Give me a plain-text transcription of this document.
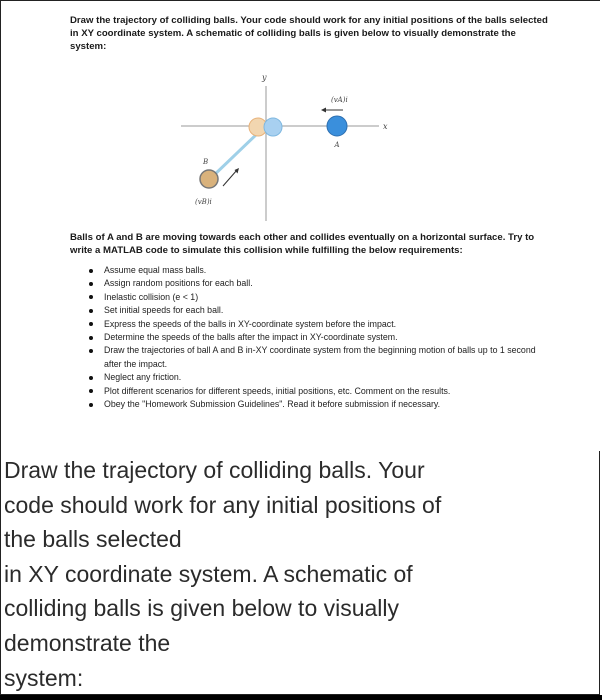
Draw the trajectory of colliding balls. Your code should work for any initial positions of the balls selected in XY coordinate system. A schematic of colliding balls is given below to visually demonstrate the system:
y
x
A
(vA)i
B
(vB)i
Balls of A and B are moving towards each other and collides eventually on a horizontal surface. Try to write a MATLAB code to simulate this collision while fulfilling the below requirements:
Assume equal mass balls.
Assign random positions for each ball.
Inelastic collision (e < 1)
Set initial speeds for each ball.
Express the speeds of the balls in XY-coordinate system before the impact.
Determine the speeds of the balls after the impact in XY-coordinate system.
Draw the trajectories of ball A and B in-XY coordinate system from the beginning motion of balls up to 1 second after the impact.
Neglect any friction.
Plot different scenarios for different speeds, initial positions, etc. Comment on the results.
Obey the "Homework Submission Guidelines". Read it before submission if necessary.
Draw the trajectory of colliding balls. Your
code should work for any initial positions of
the balls selected
in XY coordinate system. A schematic of
colliding balls is given below to visually
demonstrate the
system:
